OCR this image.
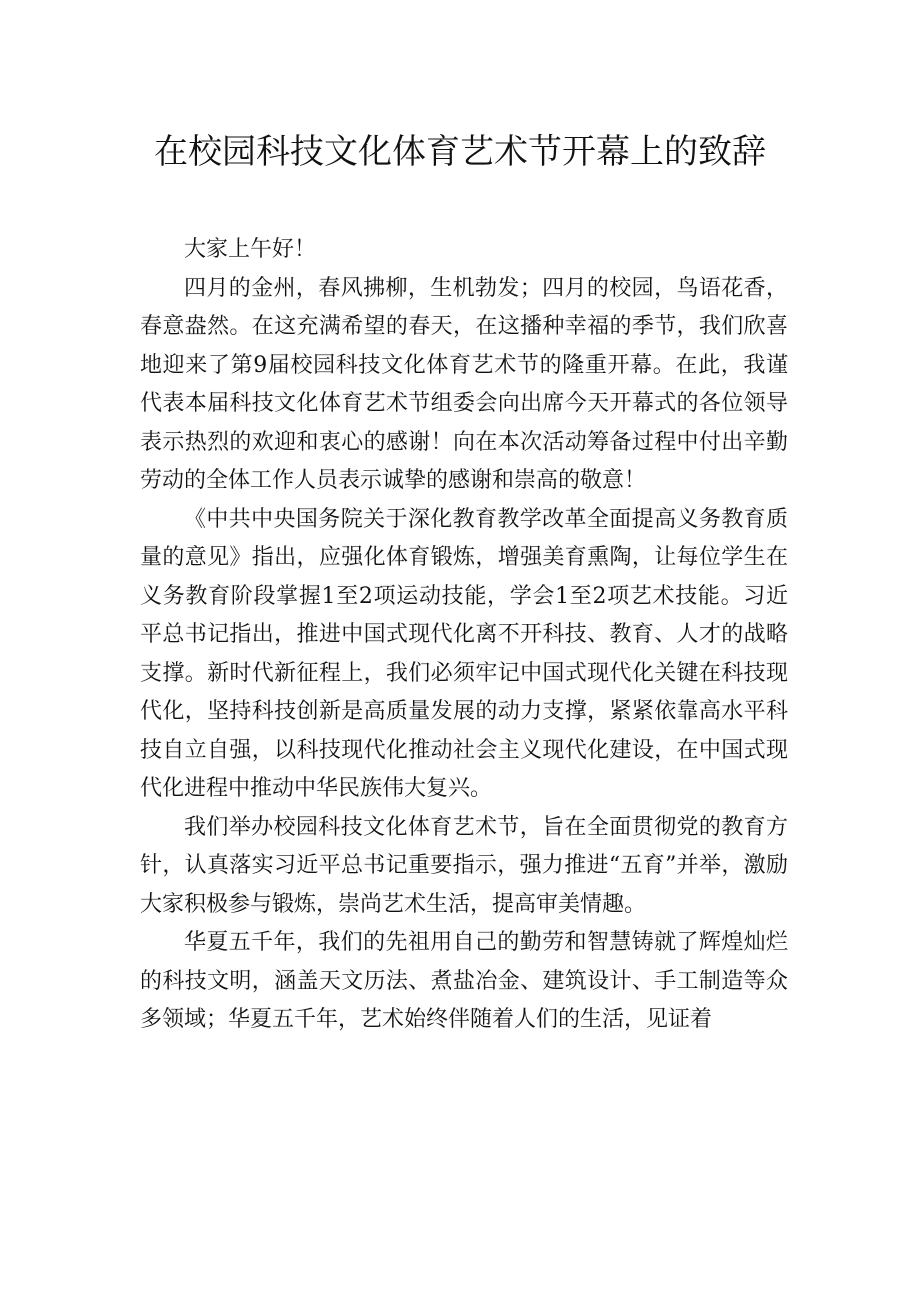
在校园科技文化体育艺术节开幕上的致辞

大家上午好！

四月的金州，春风拂柳，生机勃发；四月的校园，鸟语花香，春意盎然。在这充满希望的春天，在这播种幸福的季节，我们欣喜地迎来了第9届校园科技文化体育艺术节的隆重开幕。在此，我谨代表本届科技文化体育艺术节组委会向出席今天开幕式的各位领导表示热烈的欢迎和衷心的感谢！向在本次活动筹备过程中付出辛勤劳动的全体工作人员表示诚挚的感谢和崇高的敬意！

《中共中央国务院关于深化教育教学改革全面提高义务教育质量的意见》指出，应强化体育锻炼，增强美育熏陶，让每位学生在义务教育阶段掌握1至2项运动技能，学会1至2项艺术技能。习近平总书记指出，推进中国式现代化离不开科技、教育、人才的战略支撑。新时代新征程上，我们必须牢记中国式现代化关键在科技现代化，坚持科技创新是高质量发展的动力支撑，紧紧依靠高水平科技自立自强，以科技现代化推动社会主义现代化建设，在中国式现代化进程中推动中华民族伟大复兴。

我们举办校园科技文化体育艺术节，旨在全面贯彻党的教育方针，认真落实习近平总书记重要指示，强力推进“五育”并举，激励大家积极参与锻炼，崇尚艺术生活，提高审美情趣。

华夏五千年，我们的先祖用自己的勤劳和智慧铸就了辉煌灿烂的科技文明，涵盖天文历法、煮盐冶金、建筑设计、手工制造等众多领域；华夏五千年，艺术始终伴随着人们的生活，见证着
